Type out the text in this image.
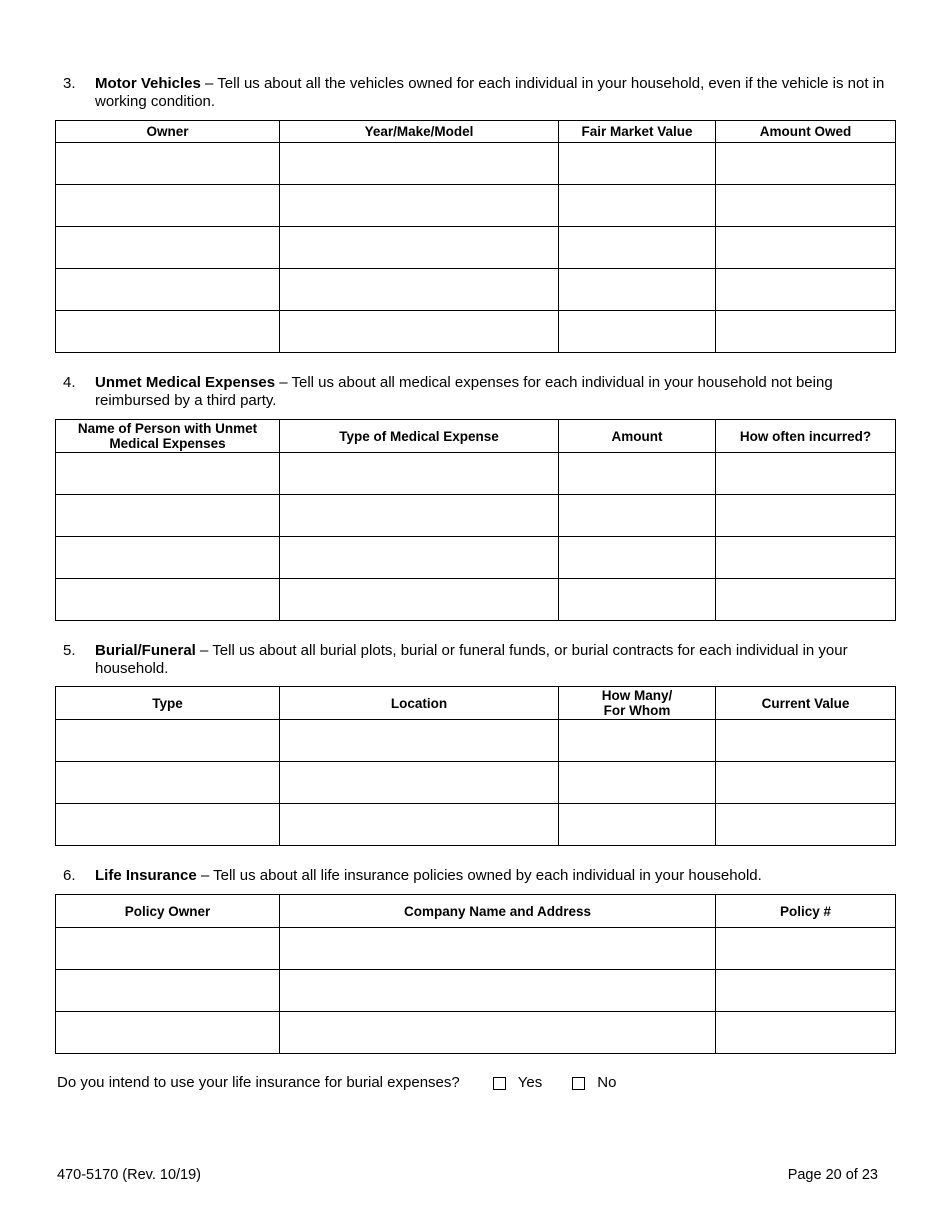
3. Motor Vehicles – Tell us about all the vehicles owned for each individual in your household, even if the vehicle is not in working condition.
Owner	Year/Make/Model	Fair Market Value	Amount Owed

4. Unmet Medical Expenses – Tell us about all medical expenses for each individual in your household not being reimbursed by a third party.
Name of Person with Unmet
Medical Expenses	Type of Medical Expense	Amount	How often incurred?

5. Burial/Funeral – Tell us about all burial plots, burial or funeral funds, or burial contracts for each individual in your household.
Type	Location	How Many/
For Whom	Current Value

6. Life Insurance – Tell us about all life insurance policies owned by each individual in your household.
Policy Owner	Company Name and Address	Policy #

Do you intend to use your life insurance for burial expenses?	Yes	No
470-5170 (Rev. 10/19)	Page 20 of 23
